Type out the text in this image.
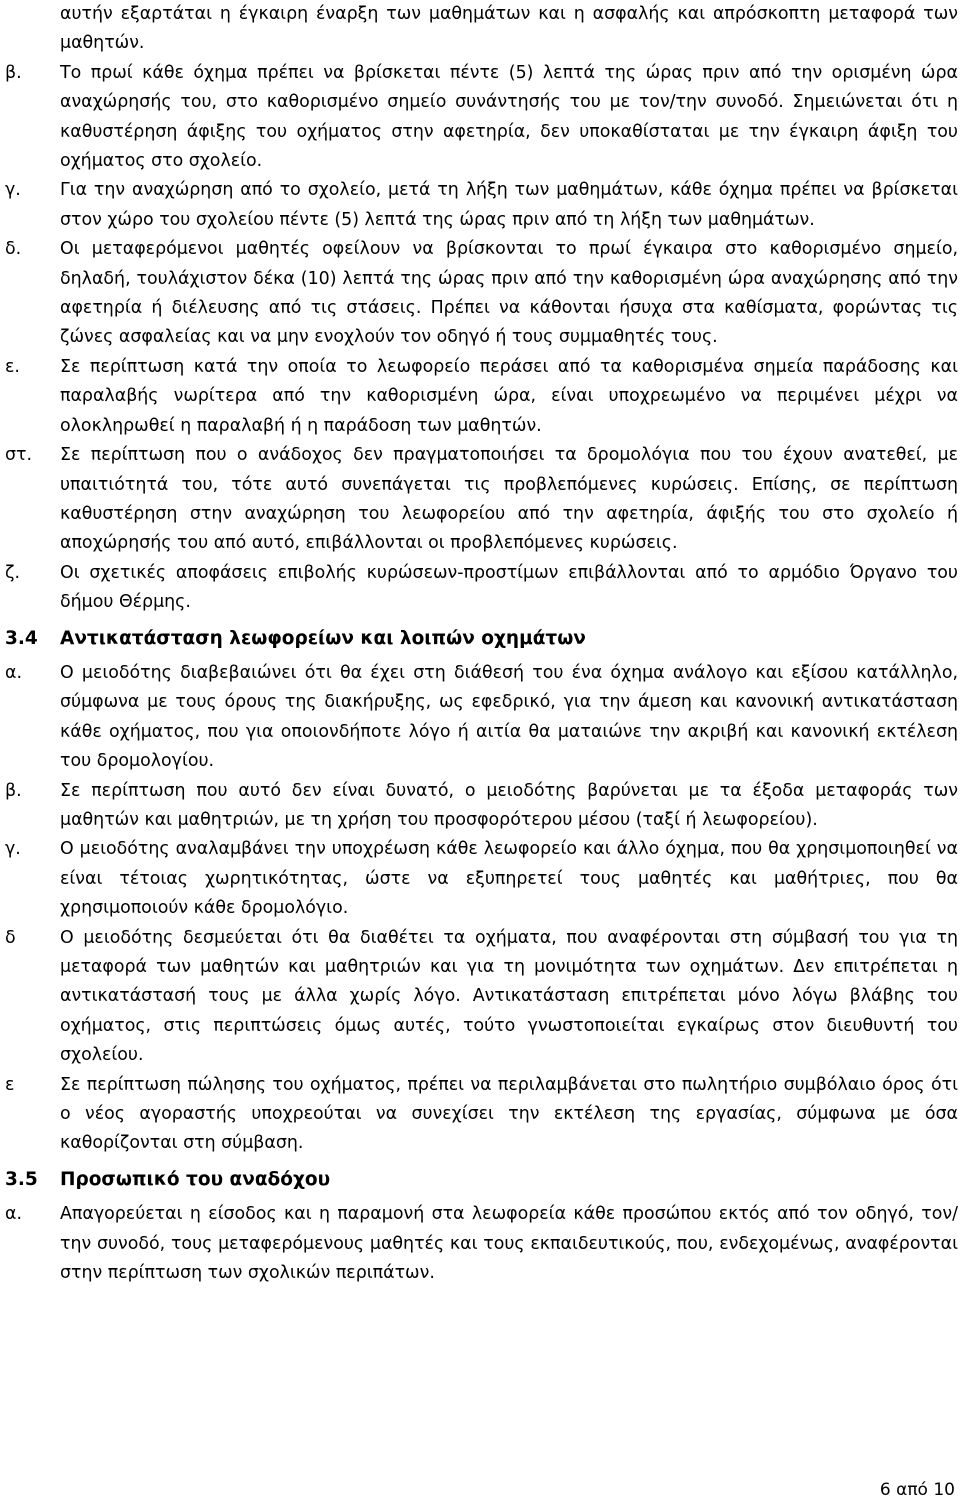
αυτήν εξαρτάται η έγκαιρη έναρξη των μαθημάτων και η ασφαλής και απρόσκοπτη μεταφορά των μαθητών.
β. Το πρωί κάθε όχημα πρέπει να βρίσκεται πέντε (5) λεπτά της ώρας πριν από την ορισμένη ώρα αναχώρησής του, στο καθορισμένο σημείο συνάντησής του με τον/την συνοδό. Σημειώνεται ότι η καθυστέρηση άφιξης του οχήματος στην αφετηρία, δεν υποκαθίσταται με την έγκαιρη άφιξη του οχήματος στο σχολείο.
γ. Για την αναχώρηση από το σχολείο, μετά τη λήξη των μαθημάτων, κάθε όχημα πρέπει να βρίσκεται στον χώρο του σχολείου πέντε (5) λεπτά της ώρας πριν από τη λήξη των μαθημάτων.
δ. Οι μεταφερόμενοι μαθητές οφείλουν να βρίσκονται το πρωί έγκαιρα στο καθορισμένο σημείο, δηλαδή, τουλάχιστον δέκα (10) λεπτά της ώρας πριν από την καθορισμένη ώρα αναχώρησης από την αφετηρία ή διέλευσης από τις στάσεις. Πρέπει να κάθονται ήσυχα στα καθίσματα, φορώντας τις ζώνες ασφαλείας και να μην ενοχλούν τον οδηγό ή τους συμμαθητές τους.
ε. Σε περίπτωση κατά την οποία το λεωφορείο περάσει από τα καθορισμένα σημεία παράδοσης και παραλαβής νωρίτερα από την καθορισμένη ώρα, είναι υποχρεωμένο να περιμένει μέχρι να ολοκληρωθεί η παραλαβή ή η παράδοση των μαθητών.
στ. Σε περίπτωση που ο ανάδοχος δεν πραγματοποιήσει τα δρομολόγια που του έχουν ανατεθεί, με υπαιτιότητά του, τότε αυτό συνεπάγεται τις προβλεπόμενες κυρώσεις. Επίσης, σε περίπτωση καθυστέρηση στην αναχώρηση του λεωφορείου από την αφετηρία, άφιξής του στο σχολείο ή αποχώρησής του από αυτό, επιβάλλονται οι προβλεπόμενες κυρώσεις.
ζ. Οι σχετικές αποφάσεις επιβολής κυρώσεων-προστίμων επιβάλλονται από το αρμόδιο Όργανο του δήμου Θέρμης.
3.4 Αντικατάσταση λεωφορείων και λοιπών οχημάτων
α. Ο μειοδότης διαβεβαιώνει ότι θα έχει στη διάθεσή του ένα όχημα ανάλογο και εξίσου κατάλληλο, σύμφωνα με τους όρους της διακήρυξης, ως εφεδρικό, για την άμεση και κανονική αντικατάσταση κάθε οχήματος, που για οποιονδήποτε λόγο ή αιτία θα ματαιώνε την ακριβή και κανονική εκτέλεση του δρομολογίου.
β. Σε περίπτωση που αυτό δεν είναι δυνατό, ο μειοδότης βαρύνεται με τα έξοδα μεταφοράς των μαθητών και μαθητριών, με τη χρήση του προσφορότερου μέσου (ταξί ή λεωφορείου).
γ. Ο μειοδότης αναλαμβάνει την υποχρέωση κάθε λεωφορείο και άλλο όχημα, που θα χρησιμοποιηθεί να είναι τέτοιας χωρητικότητας, ώστε να εξυπηρετεί τους μαθητές και μαθήτριες, που θα χρησιμοποιούν κάθε δρομολόγιο.
δ	Ο μειοδότης δεσμεύεται ότι θα διαθέτει τα οχήματα, που αναφέρονται στη σύμβασή του για τη μεταφορά των μαθητών και μαθητριών και για τη μονιμότητα των οχημάτων. Δεν επιτρέπεται η αντικατάστασή τους με άλλα χωρίς λόγο. Αντικατάσταση επιτρέπεται μόνο λόγω βλάβης του οχήματος, στις περιπτώσεις όμως αυτές, τούτο γνωστοποιείται εγκαίρως στον διευθυντή του σχολείου.
ε	Σε περίπτωση πώλησης του οχήματος, πρέπει να περιλαμβάνεται στο πωλητήριο συμβόλαιο όρος ότι ο νέος αγοραστής υποχρεούται να συνεχίσει την εκτέλεση της εργασίας, σύμφωνα με όσα καθορίζονται στη σύμβαση.
3.5 Προσωπικό του αναδόχου
α. Απαγορεύεται η είσοδος και η παραμονή στα λεωφορεία κάθε προσώπου εκτός από τον οδηγό, τον/την συνοδό, τους μεταφερόμενους μαθητές και τους εκπαιδευτικούς, που, ενδεχομένως, αναφέρονται στην περίπτωση των σχολικών περιπάτων.
6 από 10
